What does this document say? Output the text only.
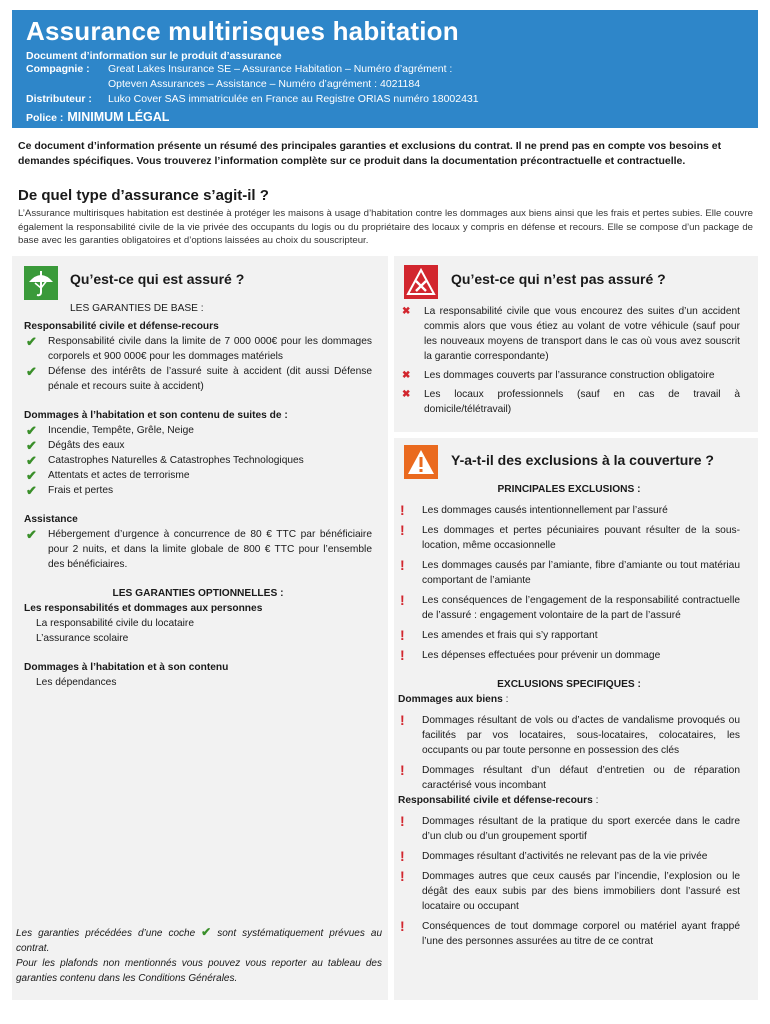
Assurance multirisques habitation
Document d’information sur le produit d’assurance
Compagnie :	Great Lakes Insurance SE – Assurance Habitation – Numéro d’agrément :
Opteven Assurances – Assistance – Numéro d’agrément : 4021184
Distributeur :	Luko Cover SAS immatriculée en France au Registre ORIAS numéro 18002431
Police : MINIMUM LÉGAL
Ce document d’information présente un résumé des principales garanties et exclusions du contrat. Il ne prend pas en compte vos besoins et demandes spécifiques. Vous trouverez l’information complète sur ce produit dans la documentation précontractuelle et contractuelle.
De quel type d’assurance s’agit-il ?
L’Assurance multirisques habitation est destinée à protéger les maisons à usage d’habitation contre les dommages aux biens ainsi que les frais et pertes subies. Elle couvre également la responsabilité civile de la vie privée des occupants du logis ou du propriétaire des locaux y compris en défense et recours. Elle se compose d’un package de base avec les garanties obligatoires et d’options laissées au choix du souscripteur.
Qu’est-ce qui est assuré ?
LES GARANTIES DE BASE :
Responsabilité civile et défense-recours
✔ Responsabilité civile dans la limite de 7 000 000€ pour les dommages corporels et 900 000€ pour les dommages matériels
✔ Défense des intérêts de l’assuré suite à accident (dit aussi Défense pénale et recours suite à accident)
Dommages à l’habitation et son contenu de suites de :
✔ Incendie, Tempête, Grêle, Neige
✔ Dégâts des eaux
✔ Catastrophes Naturelles & Catastrophes Technologiques
✔ Attentats et actes de terrorisme
✔ Frais et pertes
Assistance
✔ Hébergement d’urgence à concurrence de 80 € TTC par bénéficiaire pour 2 nuits, et dans la limite globale de 800 € TTC pour l’ensemble des bénéficiaires.
LES GARANTIES OPTIONNELLES :
Les responsabilités et dommages aux personnes
La responsabilité civile du locataire
L’assurance scolaire
Dommages à l’habitation et à son contenu
Les dépendances
Les garanties précédées d’une coche ✔ sont systématiquement prévues au contrat.
Pour les plafonds non mentionnés vous pouvez vous reporter au tableau des garanties contenu dans les Conditions Générales.
Qu’est-ce qui n’est pas assuré ?
✖ La responsabilité civile que vous encourez des suites d’un accident commis alors que vous étiez au volant de votre véhicule (sauf pour les nouveaux moyens de transport dans le cas où vous avez souscrit la garantie correspondante)
✖ Les dommages couverts par l’assurance construction obligatoire
✖ Les locaux professionnels (sauf en cas de travail à domicile/télétravail)
Y-a-t-il des exclusions à la couverture ?
PRINCIPALES EXCLUSIONS :
! Les dommages causés intentionnellement par l’assuré
! Les dommages et pertes pécuniaires pouvant résulter de la sous-location, même occasionnelle
! Les dommages causés par l’amiante, fibre d’amiante ou tout matériau comportant de l’amiante
! Les conséquences de l’engagement de la responsabilité contractuelle de l’assuré : engagement volontaire de la part de l’assuré
! Les amendes et frais qui s’y rapportant
! Les dépenses effectuées pour prévenir un dommage
EXCLUSIONS SPECIFIQUES :
Dommages aux biens :
! Dommages résultant de vols ou d’actes de vandalisme provoqués ou facilités par vos locataires, sous-locataires, colocataires, les occupants ou par toute personne en possession des clés
! Dommages résultant d’un défaut d’entretien ou de réparation caractérisé vous incombant
Responsabilité civile et défense-recours :
! Dommages résultant de la pratique du sport exercée dans le cadre d’un club ou d’un groupement sportif
! Dommages résultant d’activités ne relevant pas de la vie privée
! Dommages autres que ceux causés par l’incendie, l’explosion ou le dégât des eaux subis par des biens immobiliers dont l’assuré est locataire ou occupant
! Conséquences de tout dommage corporel ou matériel ayant frappé l’une des personnes assurées au titre de ce contrat
